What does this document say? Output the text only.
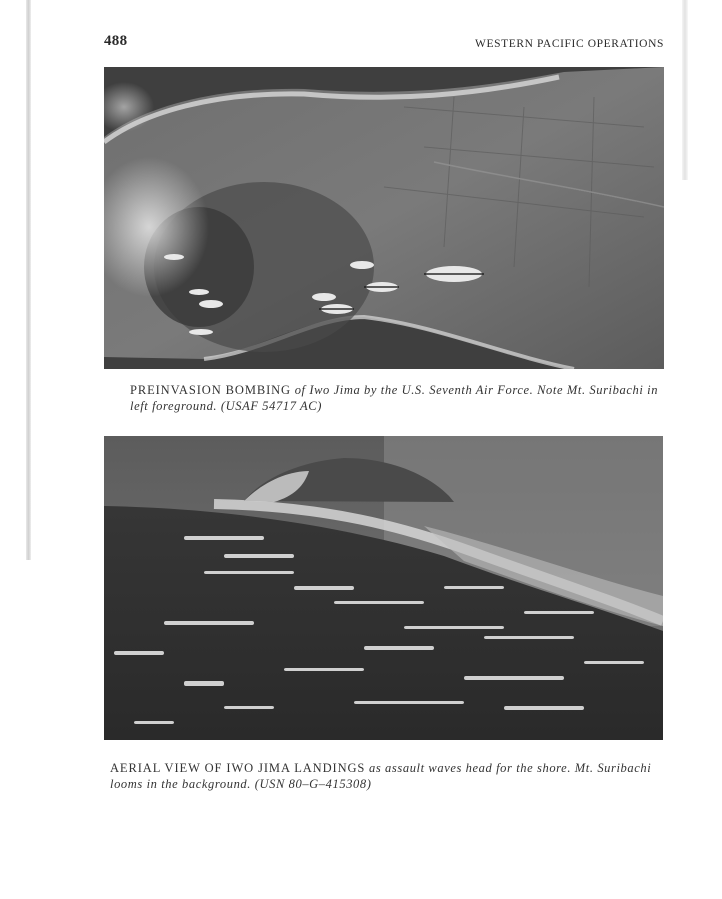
488	WESTERN PACIFIC OPERATIONS
PREINVASION BOMBING of Iwo Jima by the U.S. Seventh Air Force. Note Mt. Suribachi in left foreground. (USAF 54717 AC)
AERIAL VIEW OF IWO JIMA LANDINGS as assault waves head for the shore. Mt. Suribachi looms in the background. (USN 80–G–415308)
